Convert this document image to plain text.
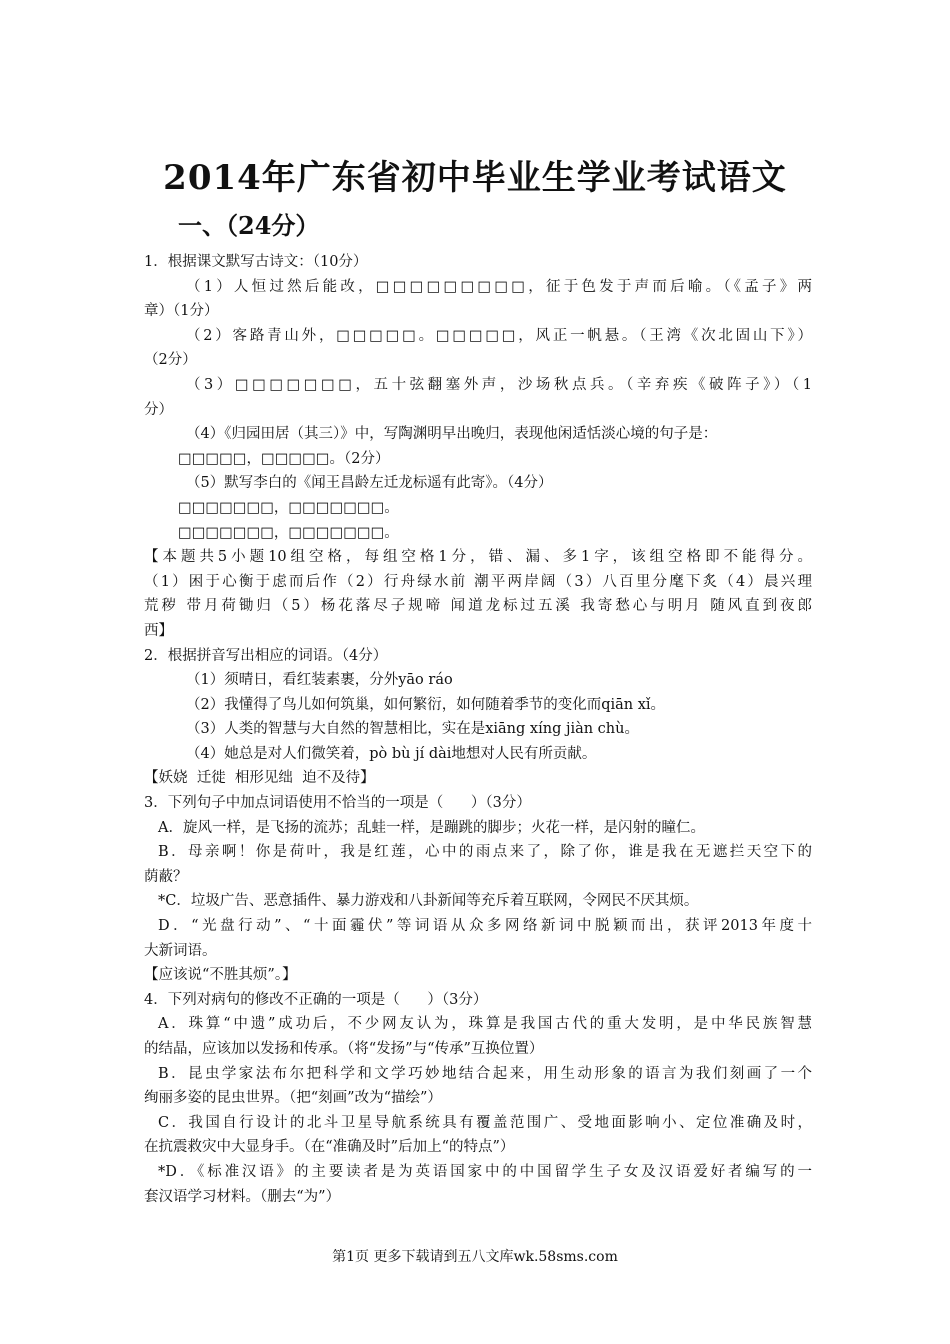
2014年广东省初中毕业生学业考试语文
一、（24分）
1．根据课文默写古诗文：（10分）
（1）人恒过然后能改，□□□□□□□□□，征于色发于声而后喻。（《孟子》两
章）（1分）
（2）客路青山外，□□□□□。□□□□□，风正一帆悬。（王湾《次北固山下》）
（2分）
（3）□□□□□□□，五十弦翻塞外声，沙场秋点兵。（辛弃疾《破阵子》）（1
分）
（4）《归园田居（其三）》中，写陶渊明早出晚归，表现他闲适恬淡心境的句子是：
□□□□□，□□□□□。（2分）
（5）默写李白的《闻王昌龄左迁龙标遥有此寄》。（4分）
□□□□□□□，□□□□□□□。
□□□□□□□，□□□□□□□。
【本题共5小题10组空格，每组空格1分，错、漏、多1字，该组空格即不能得分。
（1）困于心衡于虑而后作（2）行舟绿水前 潮平两岸阔（3）八百里分麾下炙（4）晨兴理
荒秽 带月荷锄归（5）杨花落尽子规啼 闻道龙标过五溪 我寄愁心与明月 随风直到夜郎
西】
2．根据拼音写出相应的词语。（4分）
（1）须晴日，看红装素裹，分外yāo ráo
（2）我懂得了鸟儿如何筑巢，如何繁衍，如何随着季节的变化而qiān xǐ。
（3）人类的智慧与大自然的智慧相比，实在是xiāng xíng jiàn chù。
（4）她总是对人们微笑着，pò bù jí dài地想对人民有所贡献。
【妖娆  迁徙  相形见绌  迫不及待】
3．下列句子中加点词语使用不恰当的一项是（      ）（3分）
A．旋风一样，是飞扬的流苏；乱蛙一样，是蹦跳的脚步；火花一样，是闪射的瞳仁。
B．母亲啊！你是荷叶，我是红莲，心中的雨点来了，除了你，谁是我在无遮拦天空下的
荫蔽？
*C．垃圾广告、恶意插件、暴力游戏和八卦新闻等充斥着互联网，令网民不厌其烦。
D．“光盘行动”、“十面霾伏”等词语从众多网络新词中脱颖而出，获评2013年度十
大新词语。
【应该说“不胜其烦”。】
4．下列对病句的修改不正确的一项是（      ）（3分）
A．珠算“中遗”成功后，不少网友认为，珠算是我国古代的重大发明，是中华民族智慧
的结晶，应该加以发扬和传承。（将“发扬”与“传承”互换位置）
B．昆虫学家法布尔把科学和文学巧妙地结合起来，用生动形象的语言为我们刻画了一个
绚丽多姿的昆虫世界。（把“刻画”改为“描绘”）
C．我国自行设计的北斗卫星导航系统具有覆盖范围广、受地面影响小、定位准确及时，
在抗震救灾中大显身手。（在“准确及时”后加上“的特点”）
*D．《标准汉语》的主要读者是为英语国家中的中国留学生子女及汉语爱好者编写的一
套汉语学习材料。（删去“为”）
第1页 更多下载请到五八文库wk.58sms.com
